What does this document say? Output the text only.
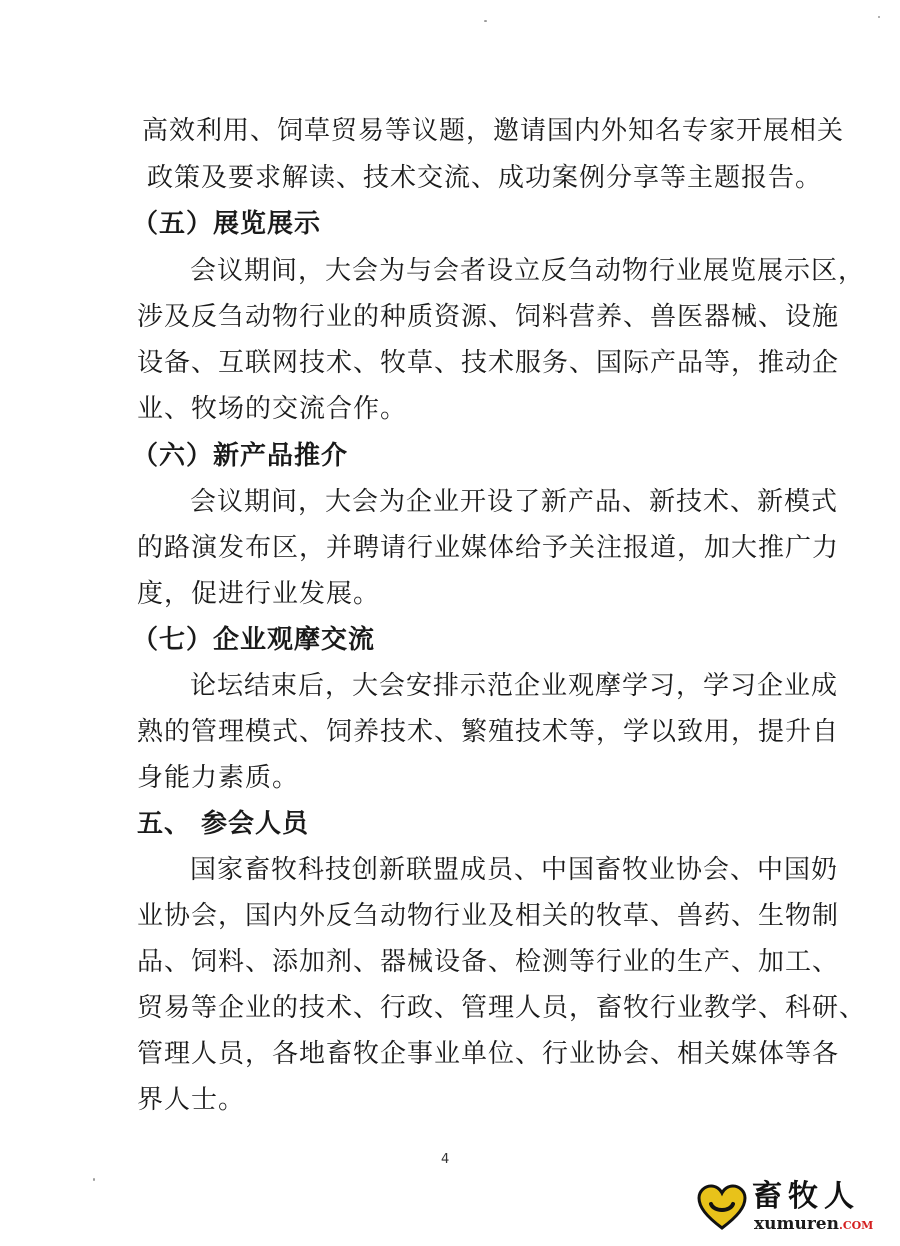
高效利用、饲草贸易等议题，邀请国内外知名专家开展相关
政策及要求解读、技术交流、成功案例分享等主题报告。
（五）展览展示
会议期间，大会为与会者设立反刍动物行业展览展示区，
涉及反刍动物行业的种质资源、饲料营养、兽医器械、设施
设备、互联网技术、牧草、技术服务、国际产品等，推动企
业、牧场的交流合作。
（六）新产品推介
会议期间，大会为企业开设了新产品、新技术、新模式
的路演发布区，并聘请行业媒体给予关注报道，加大推广力
度，促进行业发展。
（七）企业观摩交流
论坛结束后，大会安排示范企业观摩学习，学习企业成
熟的管理模式、饲养技术、繁殖技术等，学以致用，提升自
身能力素质。
五、 参会人员
国家畜牧科技创新联盟成员、中国畜牧业协会、中国奶
业协会，国内外反刍动物行业及相关的牧草、兽药、生物制
品、饲料、添加剂、器械设备、检测等行业的生产、加工、
贸易等企业的技术、行政、管理人员，畜牧行业教学、科研、
管理人员，各地畜牧企事业单位、行业协会、相关媒体等各
界人士。
4
畜牧人
xumuren.COM
